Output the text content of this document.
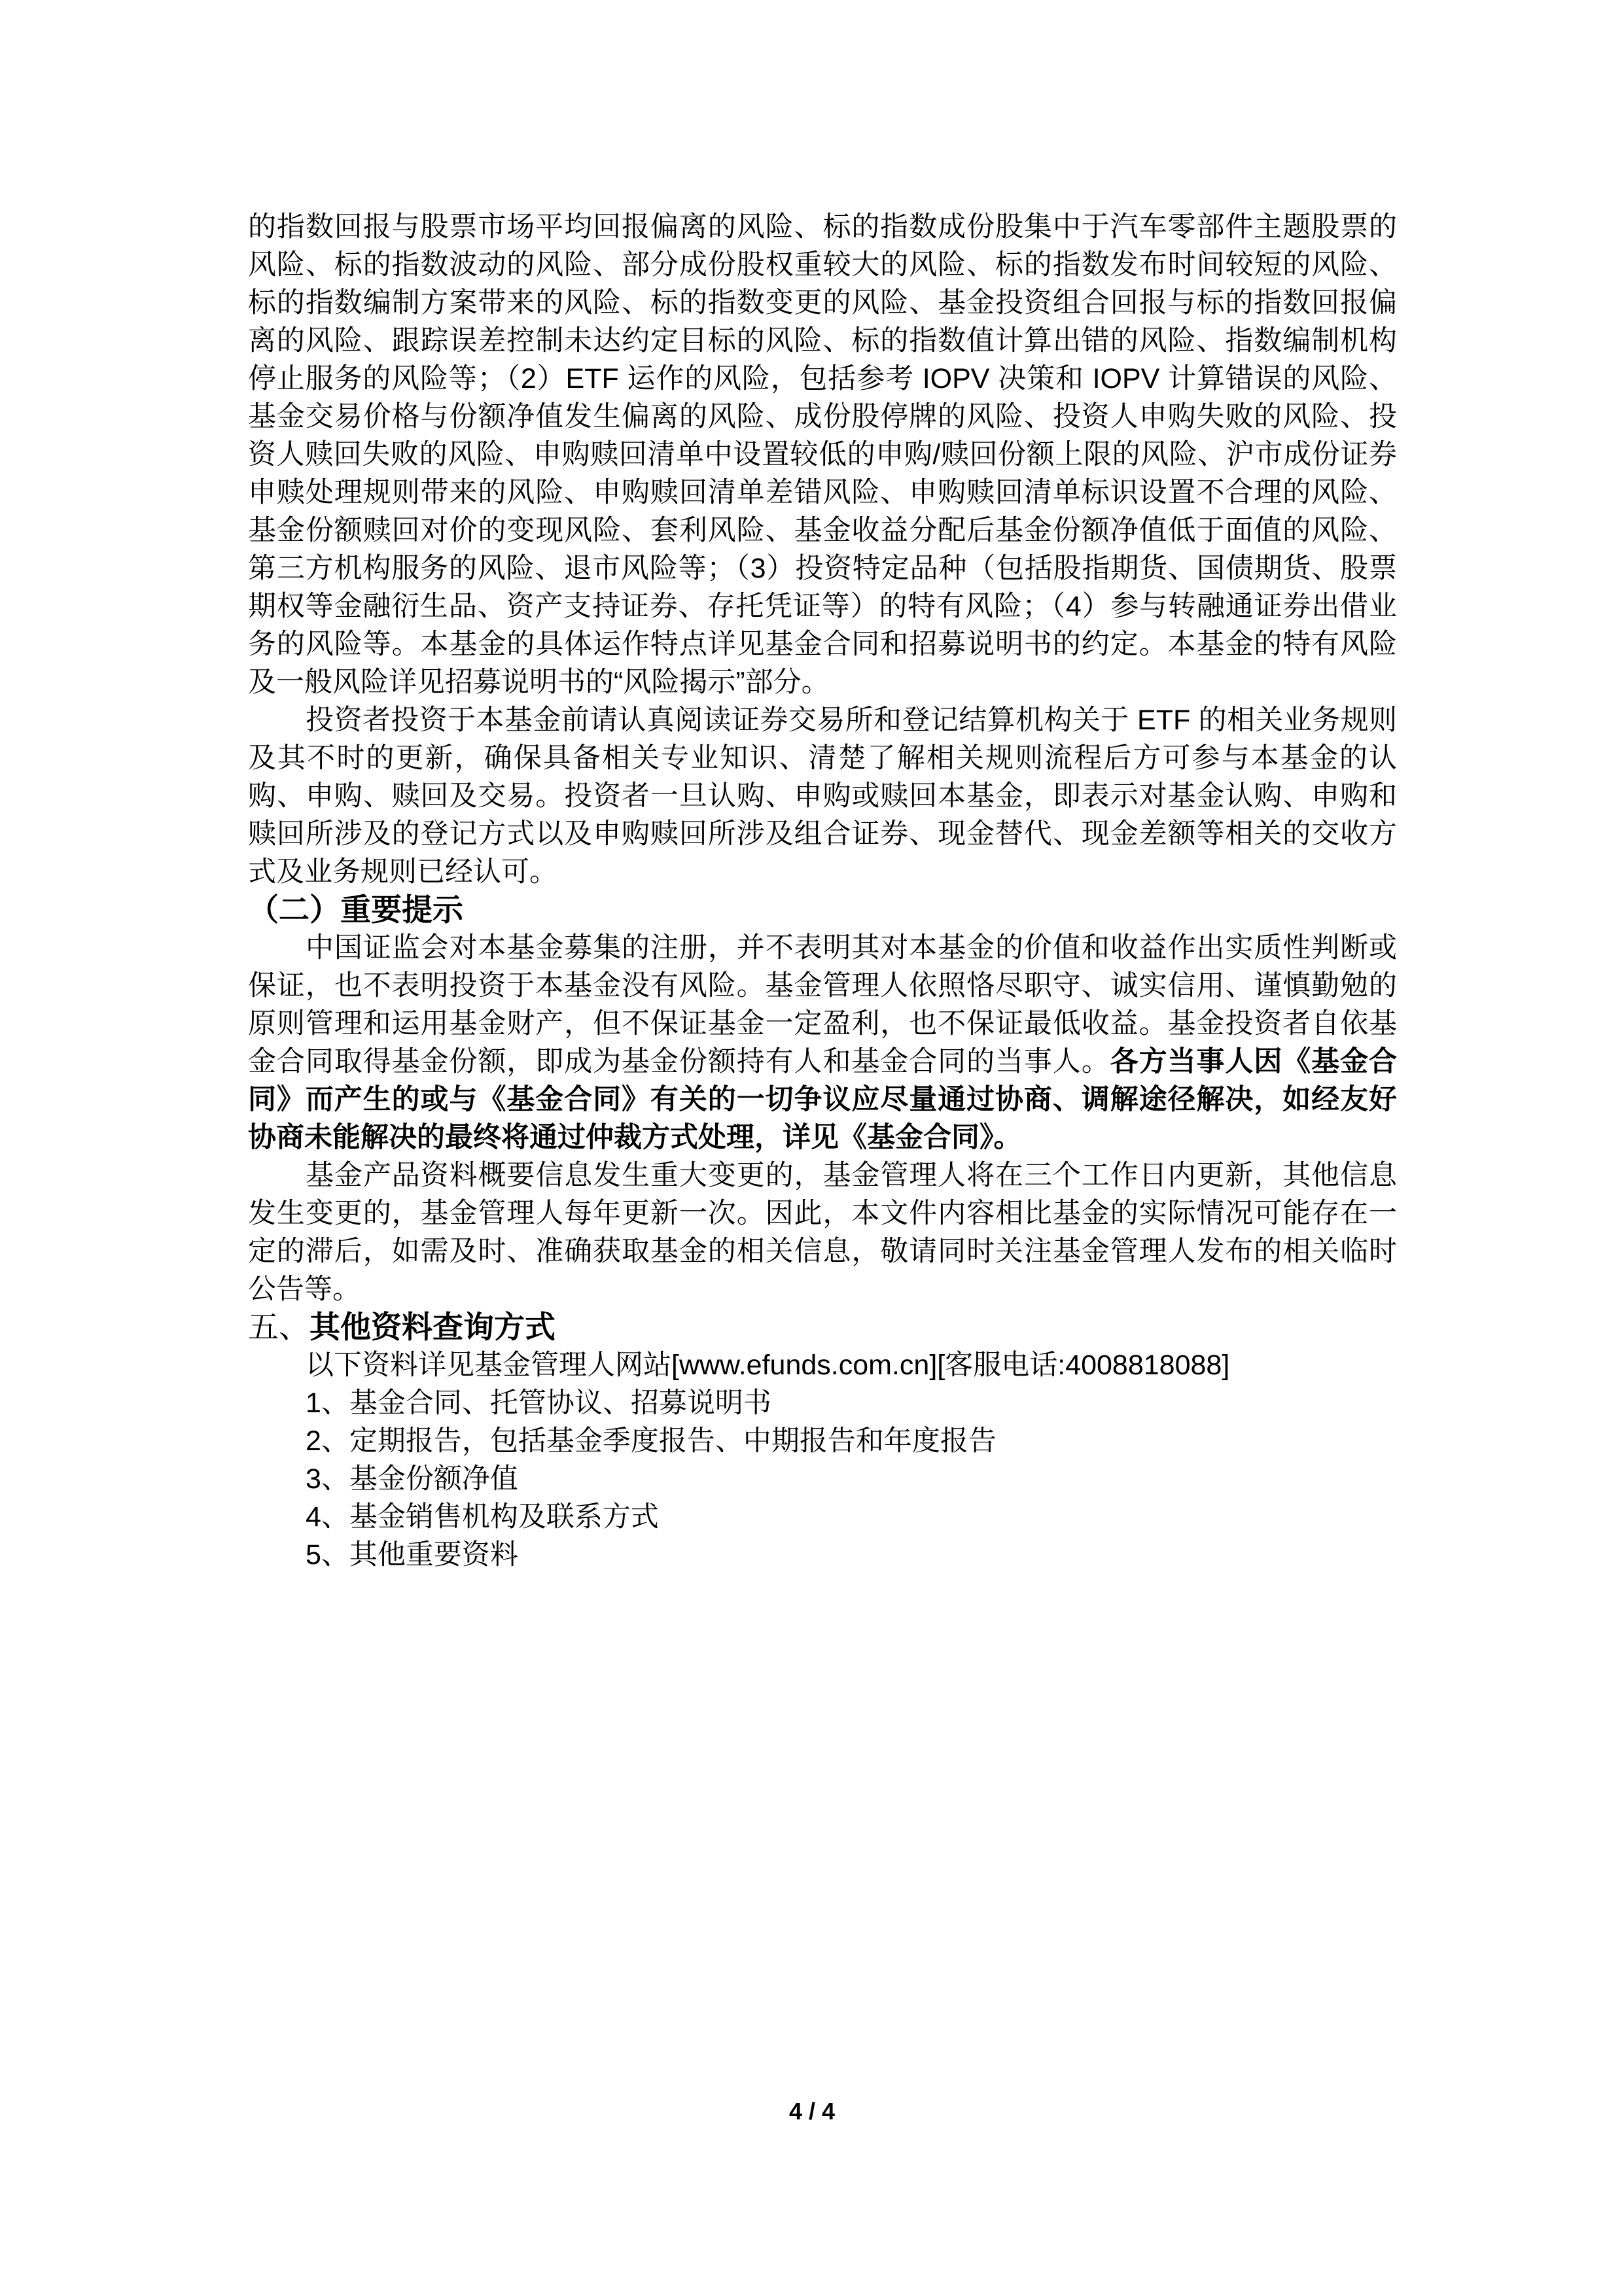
的指数回报与股票市场平均回报偏离的风险、标的指数成份股集中于汽车零部件主题股票的风险、标的指数波动的风险、部分成份股权重较大的风险、标的指数发布时间较短的风险、标的指数编制方案带来的风险、标的指数变更的风险、基金投资组合回报与标的指数回报偏离的风险、跟踪误差控制未达约定目标的风险、标的指数值计算出错的风险、指数编制机构停止服务的风险等；（2）ETF 运作的风险，包括参考 IOPV 决策和 IOPV 计算错误的风险、基金交易价格与份额净值发生偏离的风险、成份股停牌的风险、投资人申购失败的风险、投资人赎回失败的风险、申购赎回清单中设置较低的申购/赎回份额上限的风险、沪市成份证券申赎处理规则带来的风险、申购赎回清单差错风险、申购赎回清单标识设置不合理的风险、基金份额赎回对价的变现风险、套利风险、基金收益分配后基金份额净值低于面值的风险、第三方机构服务的风险、退市风险等；（3）投资特定品种（包括股指期货、国债期货、股票期权等金融衍生品、资产支持证券、存托凭证等）的特有风险；（4）参与转融通证券出借业务的风险等。本基金的具体运作特点详见基金合同和招募说明书的约定。本基金的特有风险及一般风险详见招募说明书的“风险揭示”部分。

投资者投资于本基金前请认真阅读证券交易所和登记结算机构关于 ETF 的相关业务规则及其不时的更新，确保具备相关专业知识、清楚了解相关规则流程后方可参与本基金的认购、申购、赎回及交易。投资者一旦认购、申购或赎回本基金，即表示对基金认购、申购和赎回所涉及的登记方式以及申购赎回所涉及组合证券、现金替代、现金差额等相关的交收方式及业务规则已经认可。

（二）重要提示

中国证监会对本基金募集的注册，并不表明其对本基金的价值和收益作出实质性判断或保证，也不表明投资于本基金没有风险。基金管理人依照恪尽职守、诚实信用、谨慎勤勉的原则管理和运用基金财产，但不保证基金一定盈利，也不保证最低收益。基金投资者自依基金合同取得基金份额，即成为基金份额持有人和基金合同的当事人。各方当事人因《基金合同》而产生的或与《基金合同》有关的一切争议应尽量通过协商、调解途径解决，如经友好协商未能解决的最终将通过仲裁方式处理，详见《基金合同》。

基金产品资料概要信息发生重大变更的，基金管理人将在三个工作日内更新，其他信息发生变更的，基金管理人每年更新一次。因此，本文件内容相比基金的实际情况可能存在一定的滞后，如需及时、准确获取基金的相关信息，敬请同时关注基金管理人发布的相关临时公告等。

五、其他资料查询方式

以下资料详见基金管理人网站[www.efunds.com.cn][客服电话:4008818088]

1、基金合同、托管协议、招募说明书

2、定期报告，包括基金季度报告、中期报告和年度报告

3、基金份额净值

4、基金销售机构及联系方式

5、其他重要资料

4 / 4
